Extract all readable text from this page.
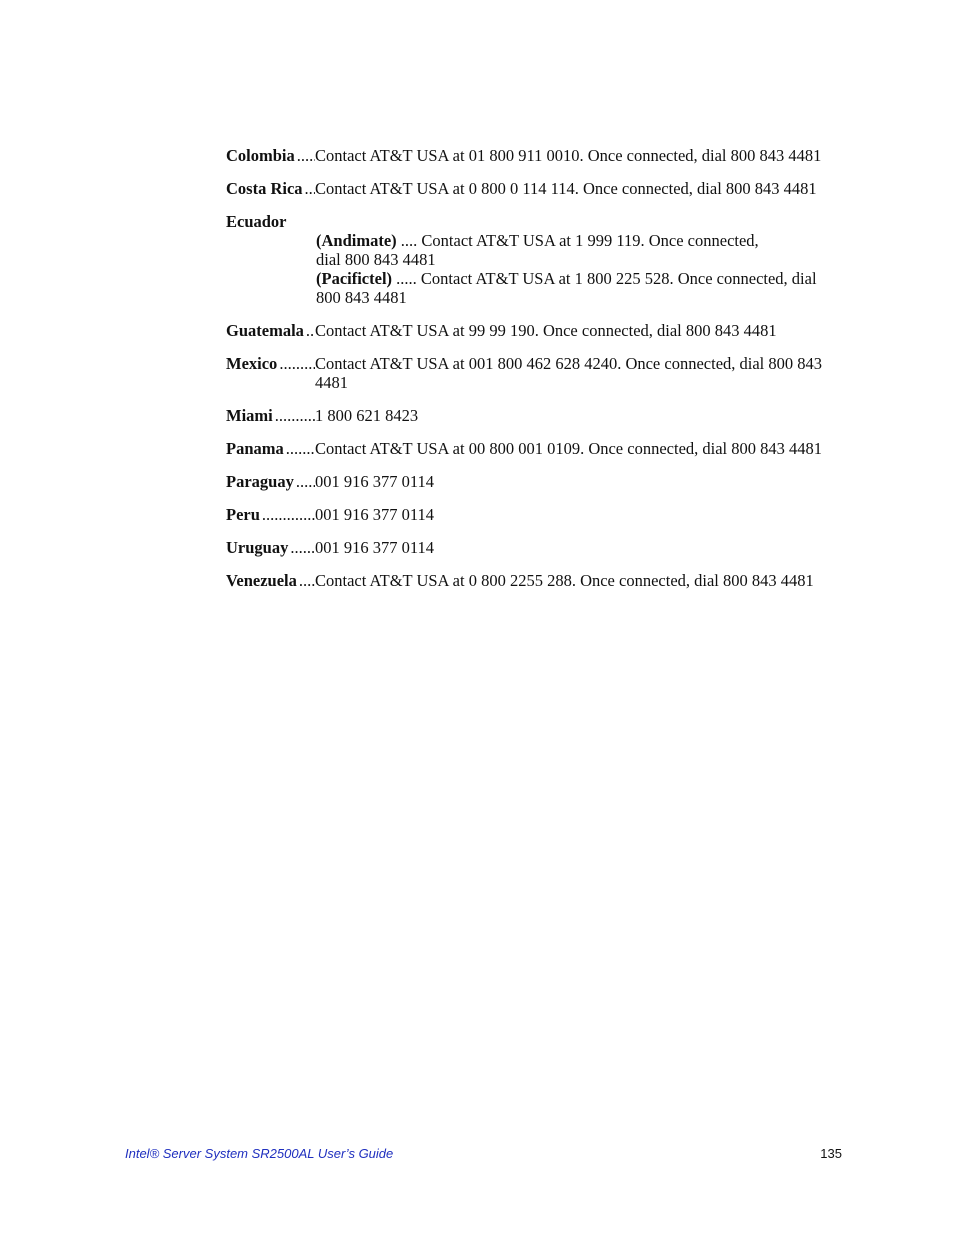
Colombia ..... Contact AT&T USA at 01 800 911 0010. Once connected, dial 800 843 4481
Costa Rica ..... Contact AT&T USA at 0 800 0 114 114. Once connected, dial 800 843 4481
Ecuador
(Andimate) .... Contact AT&T USA at 1 999 119. Once connected,
dial 800 843 4481
(Pacifictel) ..... Contact AT&T USA at 1 800 225 528. Once connected, dial
800 843 4481
Guatemala ..... Contact AT&T USA at 99 99 190. Once connected, dial 800 843 4481
Mexico ..... Contact AT&T USA at 001 800 462 628 4240. Once connected, dial 800 843 4481
Miami .....	1 800 621 8423
Panama ..... Contact AT&T USA at 00 800 001 0109. Once connected, dial 800 843 4481
Paraguay ..... 001 916 377 0114
Peru .....	001 916 377 0114
Uruguay ..... 001 916 377 0114
Venezuela ..... Contact AT&T USA at 0 800 2255 288. Once connected, dial 800 843 4481
Intel® Server System SR2500AL User’s Guide	135
